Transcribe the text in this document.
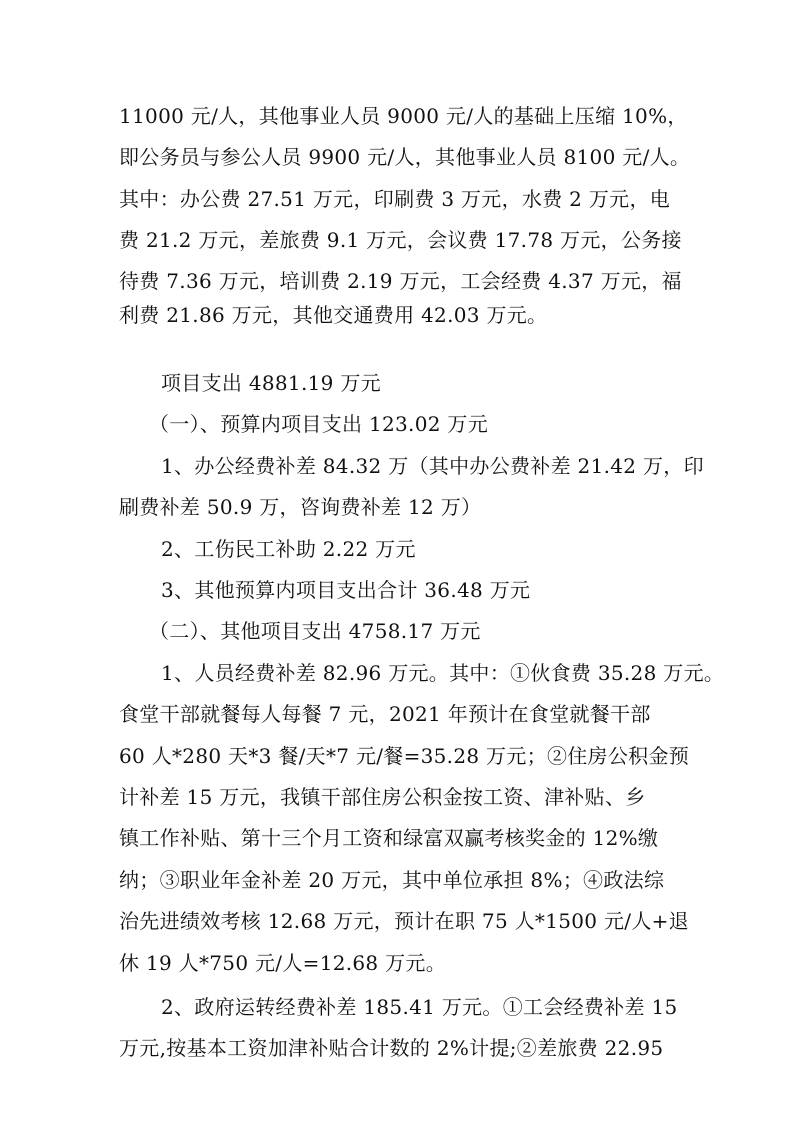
11000 元/人，其他事业人员 9000 元/人的基础上压缩 10%，
即公务员与参公人员 9900 元/人，其他事业人员 8100 元/人。
其中：办公费 27.51 万元，印刷费 3 万元，水费 2 万元，电
费 21.2 万元，差旅费 9.1 万元，会议费 17.78 万元，公务接
待费 7.36 万元，培训费 2.19 万元，工会经费 4.37 万元，福
利费 21.86 万元，其他交通费用 42.03 万元。
项目支出 4881.19 万元
（一）、预算内项目支出 123.02 万元
1、办公经费补差 84.32 万（其中办公费补差 21.42 万，印
刷费补差 50.9 万，咨询费补差 12 万）
2、工伤民工补助 2.22 万元
3、其他预算内项目支出合计 36.48 万元
（二）、其他项目支出 4758.17 万元
1、人员经费补差 82.96 万元。其中：①伙食费 35.28 万元。
食堂干部就餐每人每餐 7 元，2021 年预计在食堂就餐干部
60 人*280 天*3 餐/天*7 元/餐=35.28 万元；②住房公积金预
计补差 15 万元，我镇干部住房公积金按工资、津补贴、乡
镇工作补贴、第十三个月工资和绿富双赢考核奖金的 12%缴
纳；③职业年金补差 20 万元，其中单位承担 8%；④政法综
治先进绩效考核 12.68 万元，预计在职 75 人*1500 元/人+退
休 19 人*750 元/人=12.68 万元。
2、政府运转经费补差 185.41 万元。①工会经费补差 15
万元,按基本工资加津补贴合计数的 2%计提;②差旅费 22.95
